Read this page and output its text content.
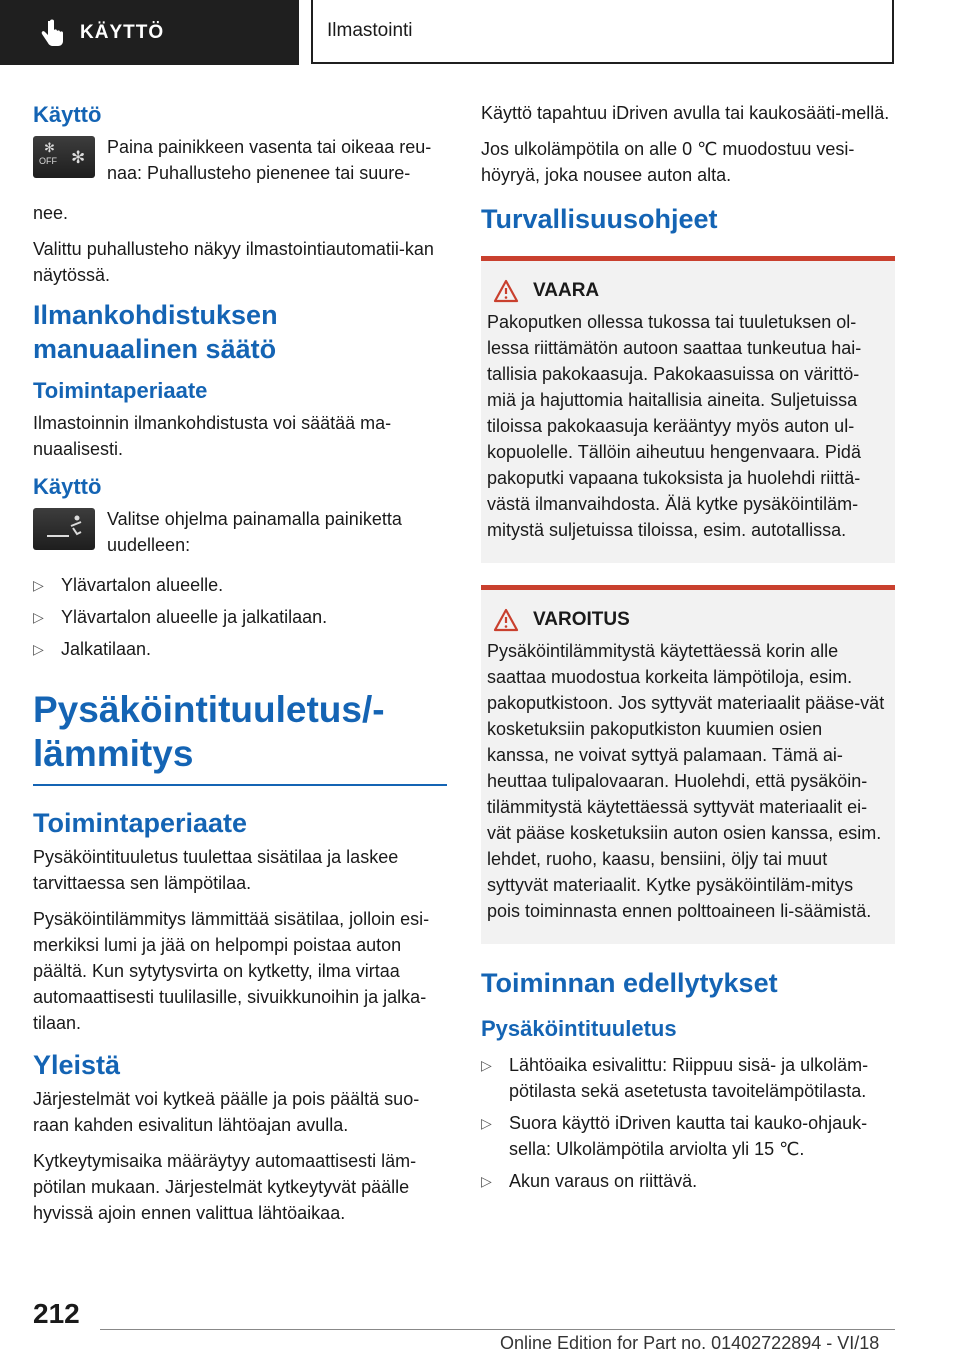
KÄYTTÖ	Ilmastointi
Käyttö
OFF
✻
✻

Paina painikkeen vasenta tai oikeaa reu-naa: Puhallusteho pienenee tai suure-

nee.

Valittu puhallusteho näkyy ilmastointiautomatii-kan näytössä.

Ilmankohdistuksen manuaalinen säätö
Toimintaperiaate

Ilmastoinnin ilmankohdistusta voi säätää ma-nuaalisesti.

Käyttö

Valitse ohjelma painamalla painiketta uudelleen:

▷ Ylävartalon alueelle.
▷ Ylävartalon alueelle ja jalkatilaan.
▷ Jalkatilaan.
Pysäköintituuletus/-lämmitys
Toimintaperiaate

Pysäköintituuletus tuulettaa sisätilaa ja laskee tarvittaessa sen lämpötilaa.

Pysäköintilämmitys lämmittää sisätilaa, jolloin esi-merkiksi lumi ja jää on helpompi poistaa auton päältä. Kun sytytysvirta on kytketty, ilma virtaa automaattisesti tuulilasille, sivuikkunoihin ja jalka-tilaan.

Yleistä

Järjestelmät voi kytkeä päälle ja pois päältä suo-raan kahden esivalitun lähtöajan avulla.

Kytkeytymisaika määräytyy automaattisesti läm-pötilan mukaan. Järjestelmät kytkeytyvät päälle hyvissä ajoin ennen valittua lähtöaikaa.

Käyttö tapahtuu iDriven avulla tai kaukosääti-mellä.

Jos ulkolämpötila on alle 0 ℃ muodostuu vesi-höyryä, joka nousee auton alta.

Turvallisuusohjeet
VAARA

Pakoputken ollessa tukossa tai tuuletuksen ol-lessa riittämätön autoon saattaa tunkeutua hai-tallisia pakokaasuja. Pakokaasuissa on värittö-miä ja hajuttomia haitallisia aineita. Suljetuissa tiloissa pakokaasuja kerääntyy myös auton ul-kopuolelle. Tällöin aiheutuu hengenvaara. Pidä pakoputki vapaana tukoksista ja huolehdi riittä-västä ilmanvaihdosta. Älä kytke pysäköintiläm-mitystä suljetuissa tiloissa, esim. autotallissa.

VAROITUS

Pysäköintilämmitystä käytettäessä korin alle saattaa muodostua korkeita lämpötiloja, esim. pakoputkistoon. Jos syttyvät materiaalit pääse-vät kosketuksiin pakoputkiston kuumien osien kanssa, ne voivat syttyä palamaan. Tämä ai-heuttaa tulipalovaaran. Huolehdi, että pysäköin-tilämmitystä käytettäessä syttyvät materiaalit ei-vät pääse kosketuksiin auton osien kanssa, esim. lehdet, ruoho, kaasu, bensiini, öljy tai muut syttyvät materiaalit. Kytke pysäköintiläm-mitys pois toiminnasta ennen polttoaineen li-säämistä.

Toiminnan edellytykset
Pysäköintituuletus
▷ Lähtöaika esivalittu: Riippuu sisä- ja ulkoläm-pötilasta sekä asetetusta tavoitelämpötilasta.
▷ Suora käyttö iDriven kautta tai kauko-ohjauk-sella: Ulkolämpötila arviolta yli 15 ℃.
▷ Akun varaus on riittävä.
212
Online Edition for Part no. 01402722894 - VI/18
